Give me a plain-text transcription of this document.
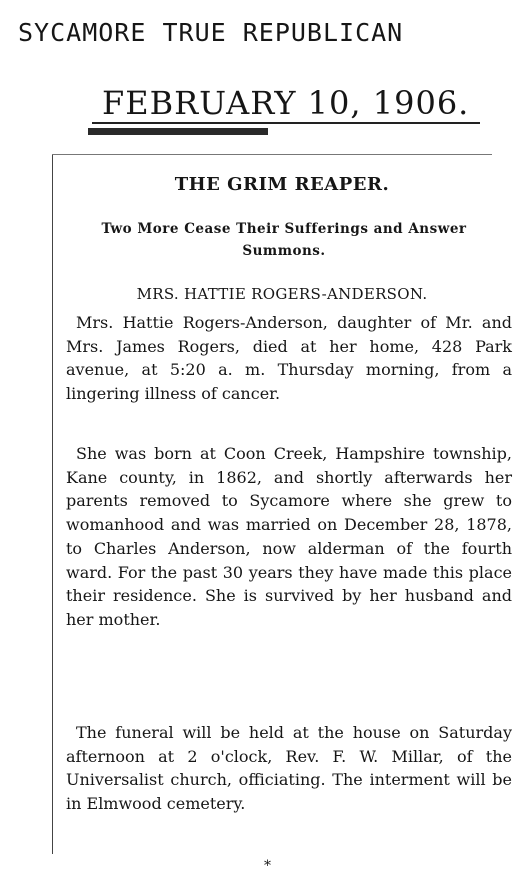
SYCAMORE TRUE REPUBLICAN
FEBRUARY 10, 1906.
THE GRIM REAPER.
Two More Cease Their Sufferings and Answer Summons.
MRS. HATTIE ROGERS-ANDERSON.

Mrs. Hattie Rogers-Anderson, daughter of Mr. and Mrs. James Rogers, died at her home, 428 Park avenue, at 5:20 a. m. Thursday morning, from a lingering illness of cancer.

She was born at Coon Creek, Hampshire township, Kane county, in 1862, and shortly afterwards her parents removed to Sycamore where she grew to womanhood and was married on December 28, 1878, to Charles Anderson, now alderman of the fourth ward. For the past 30 years they have made this place their residence. She is survived by her husband and her mother.

The funeral will be held at the house on Saturday afternoon at 2 o'clock, Rev. F. W. Millar, of the Universalist church, officiating. The interment will be in Elmwood cemetery.

*
